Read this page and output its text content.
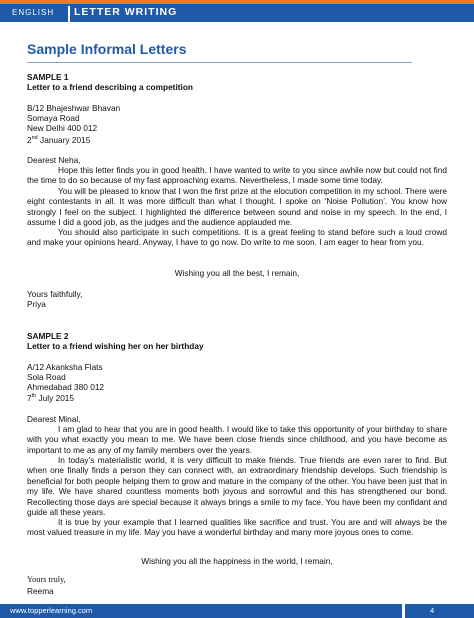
ENGLISH LETTER WRITING
Sample Informal Letters
SAMPLE 1
Letter to a friend describing a competition
B/12 Bhajeshwar Bhavan
Somaya Road
New Delhi 400 012
2nd January 2015
Dearest Neha,
Hope this letter finds you in good health. I have wanted to write to you since awhile now but could not find the time to do so because of my fast approaching exams. Nevertheless, I made some time today.
You will be pleased to know that I won the first prize at the elocution competition in my school. There were eight contestants in all. It was more difficult than what I thought. I spoke on ‘Noise Pollution’. You know how strongly I feel on the subject. I highlighted the difference between sound and noise in my speech. In the end, I assume I did a good job, as the judges and the audience applauded me.
You should also participate in such competitions. It is a great feeling to stand before such a loud crowd and make your opinions heard. Anyway, I have to go now. Do write to me soon. I am eager to hear from you.
Wishing you all the best, I remain,
Yours faithfully,
Priya
SAMPLE 2
Letter to a friend wishing her on her birthday
A/12 Akanksha Flats
Sola Road
Ahmedabad 380 012
7th July 2015
Dearest Minal,
I am glad to hear that you are in good health. I would like to take this opportunity of your birthday to share with you what exactly you mean to me. We have been close friends since childhood, and you have become as important to me as any of my family members over the years.
In today’s materialistic world, it is very difficult to make friends. True friends are even rarer to find. But when one finally finds a person they can connect with, an extraordinary friendship develops. Such friendship is beneficial for both people helping them to grow and mature in the company of the other. You have been just that in my life. We have shared countless moments both joyous and sorrowful and this has strengthened our bond. Recollecting those days are special because it always brings a smile to my face. You have been my confidant and guide all these years.
It is true by your example that I learned qualities like sacrifice and trust. You are and will always be the most valued treasure in my life. May you have a wonderful birthday and many more joyous ones to come.
Wishing you all the happiness in the world, I remain,
Yours truly,
Reema
www.topperlearning.com	4
